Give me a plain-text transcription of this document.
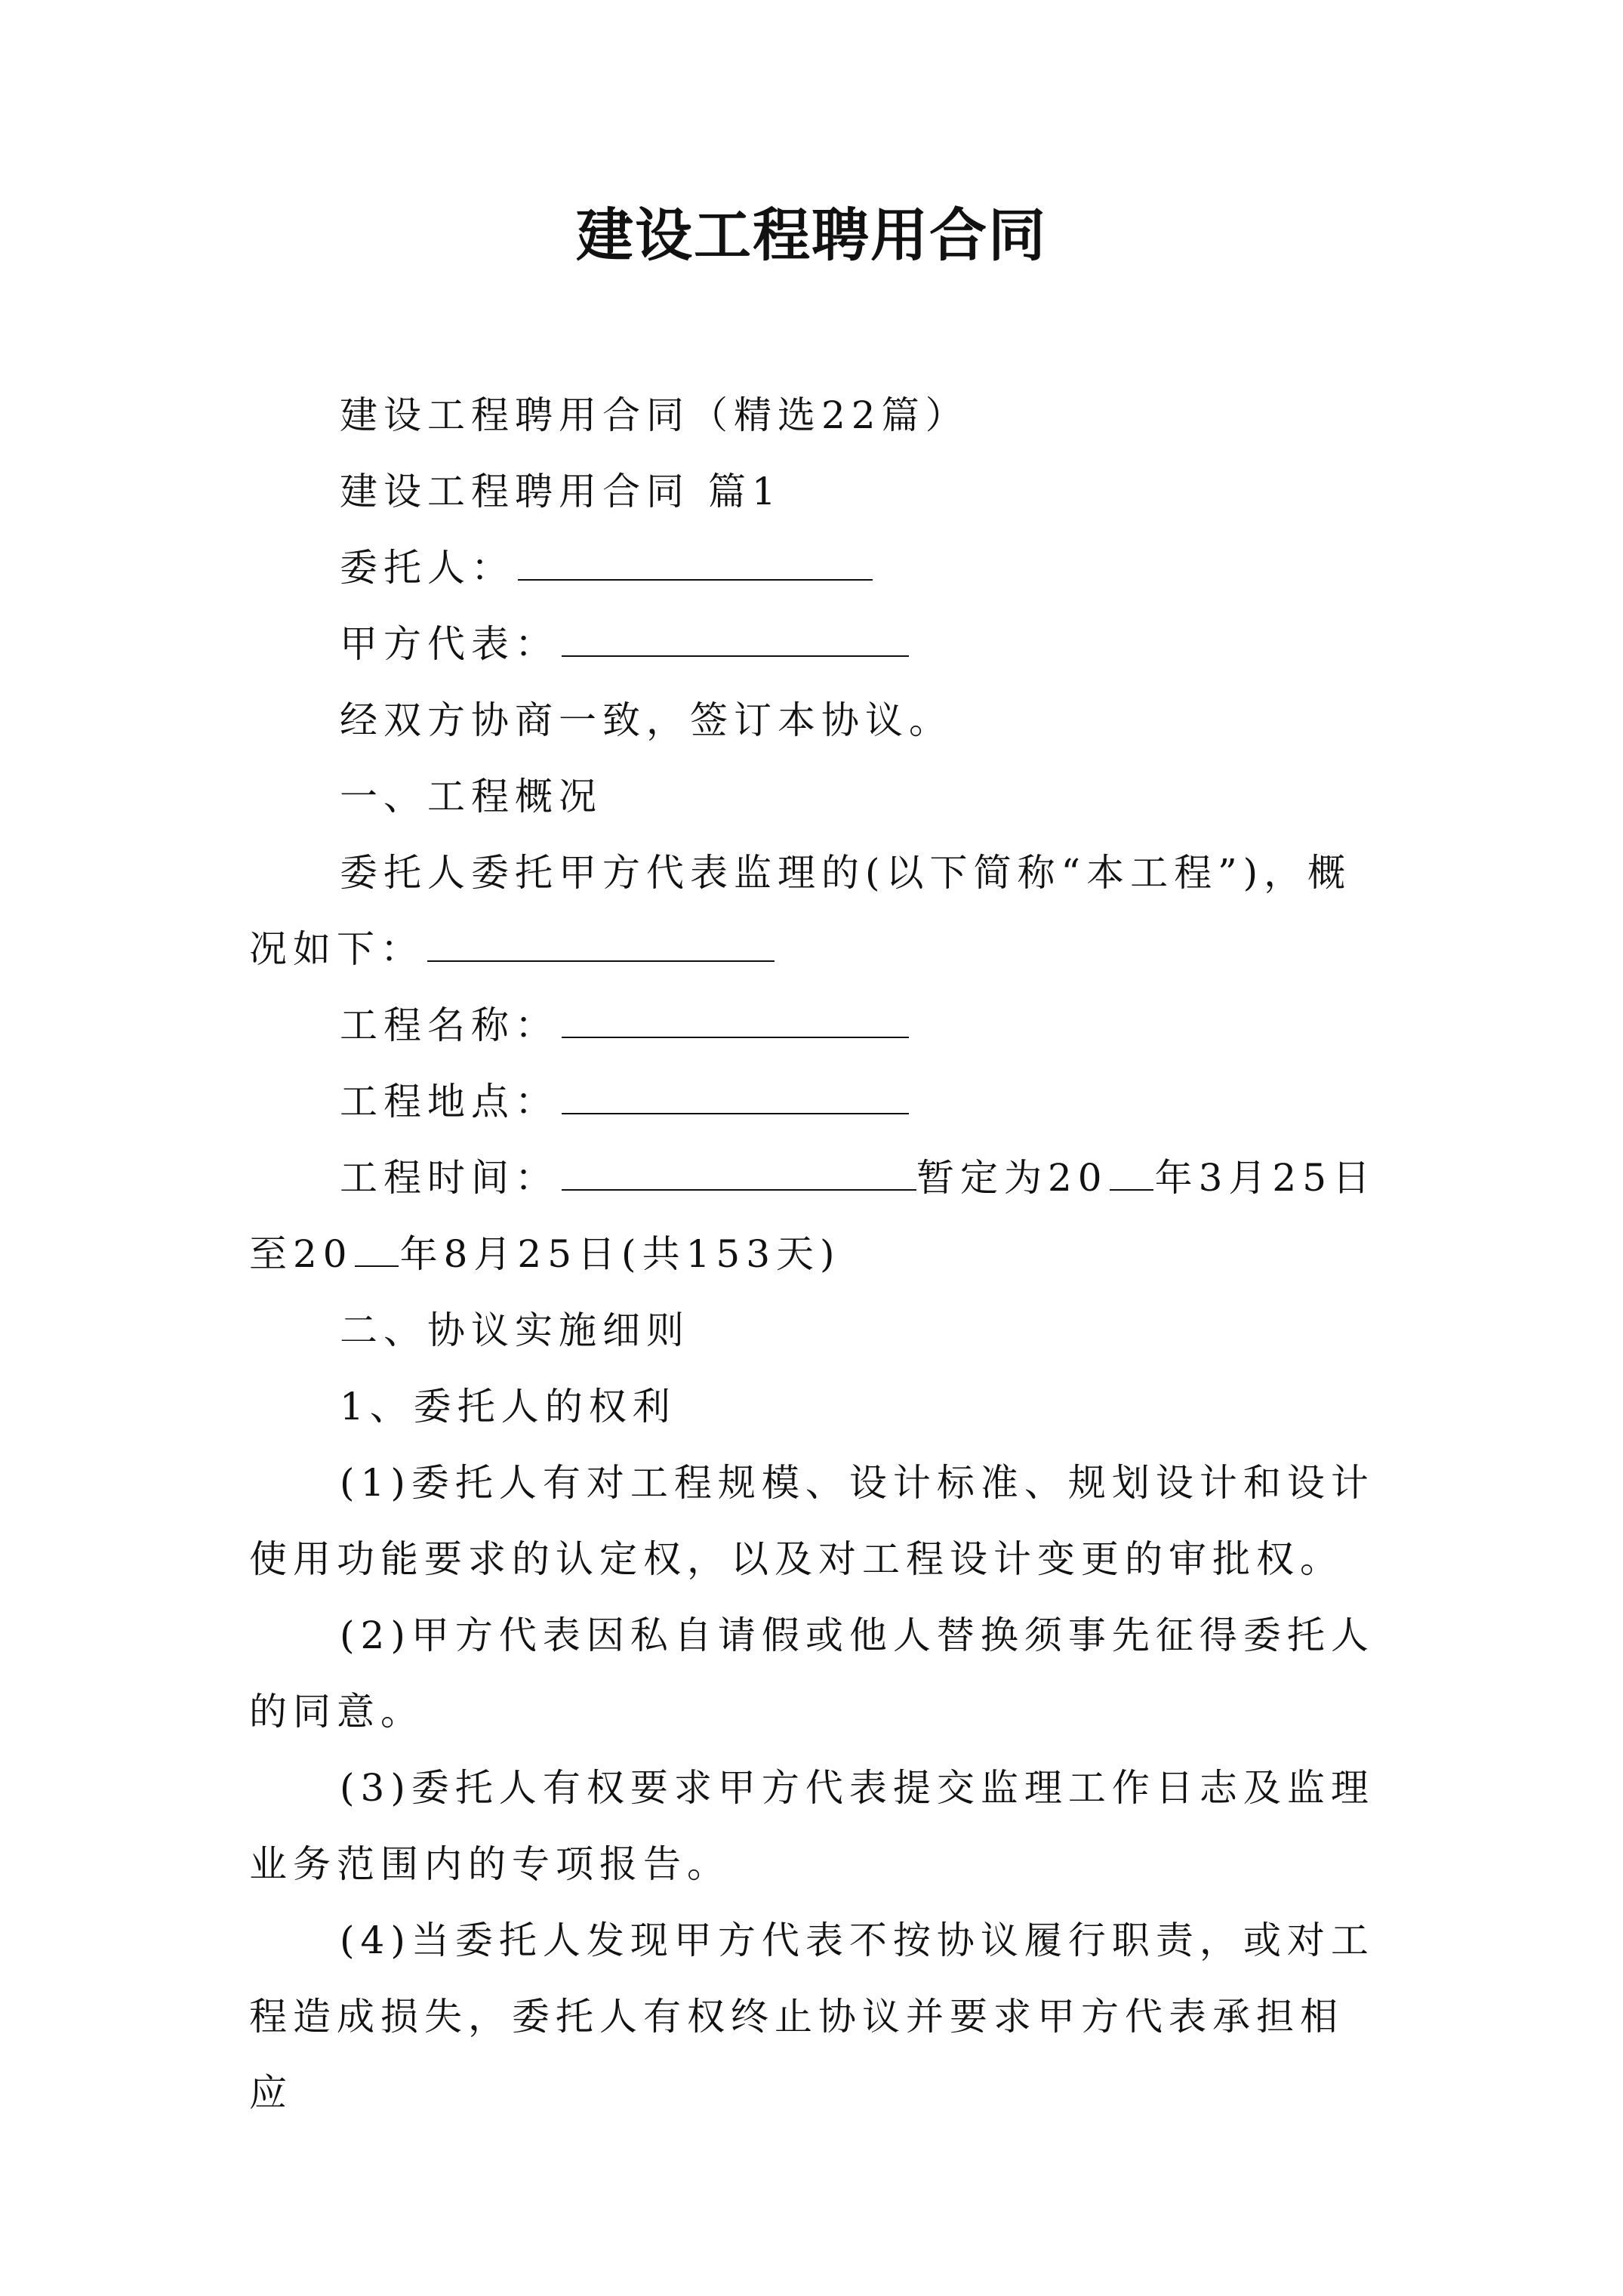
建设工程聘用合同

建设工程聘用合同（精选22篇）

建设工程聘用合同 篇1

委托人：

甲方代表：

经双方协商一致，签订本协议。

一、工程概况

委托人委托甲方代表监理的(以下简称“本工程”)，概况如下：

工程名称：

工程地点：

工程时间：	暂定为20 年3月25日至20 年8月25日(共153天)

二、协议实施细则

1、委托人的权利

(1)委托人有对工程规模、设计标准、规划设计和设计使用功能要求的认定权，以及对工程设计变更的审批权。

(2)甲方代表因私自请假或他人替换须事先征得委托人的同意。

(3)委托人有权要求甲方代表提交监理工作日志及监理业务范围内的专项报告。

(4)当委托人发现甲方代表不按协议履行职责，或对工程造成损失，委托人有权终止协议并要求甲方代表承担相应
